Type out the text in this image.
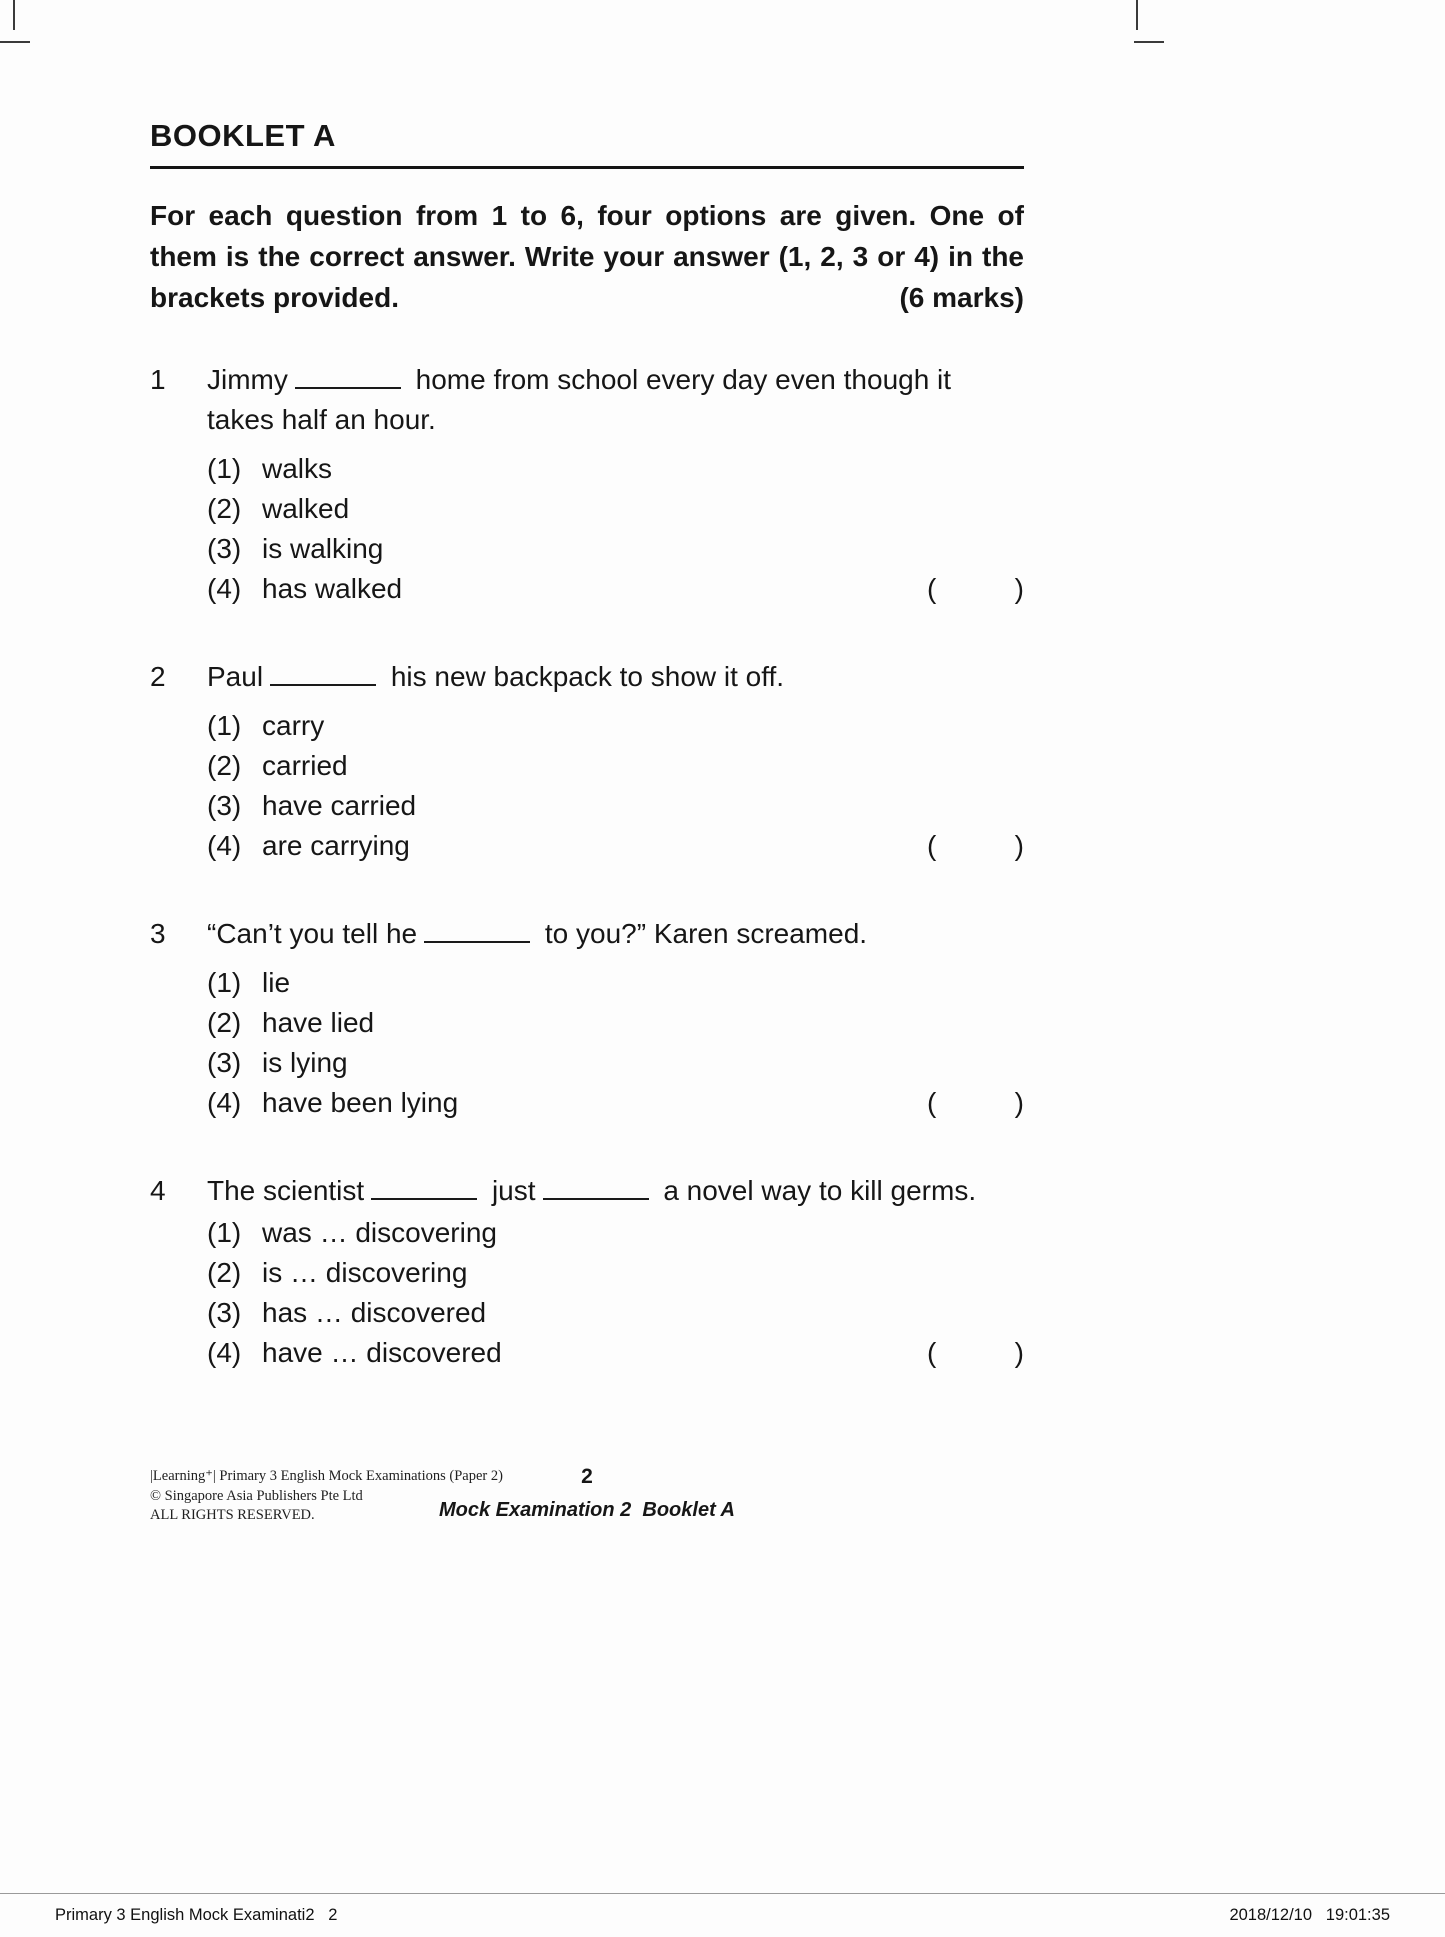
BOOKLET A

For each question from 1 to 6, four options are given. One of them is the correct answer. Write your answer (1, 2, 3 or 4) in the brackets provided.	(6 marks)

1 Jimmy	home from school every day even though it takes half an hour.
(1) walks
(2) walked
(3) is walking
(4) has walked	(	)
2 Paul	his new backpack to show it off.
(1) carry
(2) carried
(3) have carried
(4) are carrying	(	)
3 “Can’t you tell he	to you?” Karen screamed.
(1) lie
(2) have lied
(3) is lying
(4) have been lying	(	)
4 The scientist	just	a novel way to kill germs.
(1) was … discovering
(2) is … discovering
(3) has … discovered
(4) have … discovered	(	)
|Learning⁺| Primary 3 English Mock Examinations (Paper 2)
© Singapore Asia Publishers Pte Ltd
ALL RIGHTS RESERVED.
2
Mock Examination 2  Booklet A
Primary 3 English Mock Examinati2   2	2018/12/10   19:01:35
